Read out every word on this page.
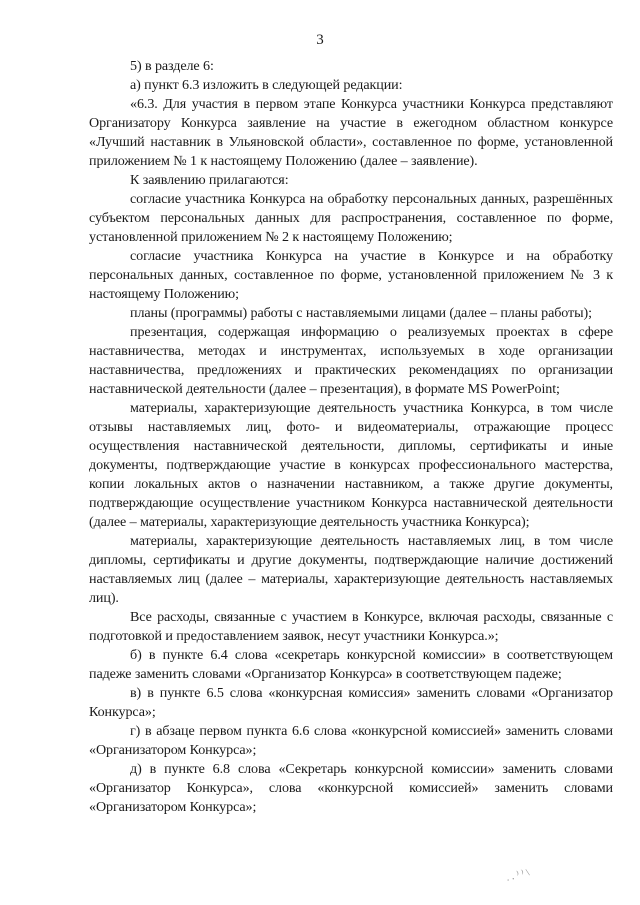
3

5) в разделе 6:

а) пункт 6.3 изложить в следующей редакции:

«6.3. Для участия в первом этапе Конкурса участники Конкурса представляют Организатору Конкурса заявление на участие в ежегодном областном конкурсе «Лучший наставник в Ульяновской области», составленное по форме, установленной приложением № 1 к настоящему Положению (далее – заявление).

К заявлению прилагаются:

согласие участника Конкурса на обработку персональных данных, разрешённых субъектом персональных данных для распространения, составленное по форме, установленной приложением № 2 к настоящему Положению;

согласие участника Конкурса на участие в Конкурсе и на обработку персональных данных, составленное по форме, установленной приложением № 3 к настоящему Положению;

планы (программы) работы с наставляемыми лицами (далее – планы работы);

презентация, содержащая информацию о реализуемых проектах в сфере наставничества, методах и инструментах, используемых в ходе организации наставничества, предложениях и практических рекомендациях по организации наставнической деятельности (далее – презентация), в формате MS PowerPoint;

материалы, характеризующие деятельность участника Конкурса, в том числе отзывы наставляемых лиц, фото- и видеоматериалы, отражающие процесс осуществления наставнической деятельности, дипломы, сертификаты и иные документы, подтверждающие участие в конкурсах профессионального мастерства, копии локальных актов о назначении наставником, а также другие документы, подтверждающие осуществление участником Конкурса наставнической деятельности (далее – материалы, характеризующие деятельность участника Конкурса);

материалы, характеризующие деятельность наставляемых лиц, в том числе дипломы, сертификаты и другие документы, подтверждающие наличие достижений наставляемых лиц (далее – материалы, характеризующие деятельность наставляемых лиц).

Все расходы, связанные с участием в Конкурсе, включая расходы, связанные с подготовкой и предоставлением заявок, несут участники Конкурса.»;

б) в пункте 6.4 слова «секретарь конкурсной комиссии» в соответствующем падеже заменить словами «Организатор Конкурса» в соответствующем падеже;

в) в пункте 6.5 слова «конкурсная комиссия» заменить словами «Организатор Конкурса»;

г) в абзаце первом пункта 6.6 слова «конкурсной комиссией» заменить словами «Организатором Конкурса»;

д) в пункте 6.8 слова «Секретарь конкурсной комиссии» заменить словами «Организатор Конкурса», слова «конкурсной комиссией» заменить словами «Организатором Конкурса»;

. ․ ⁾ ⁾ \
